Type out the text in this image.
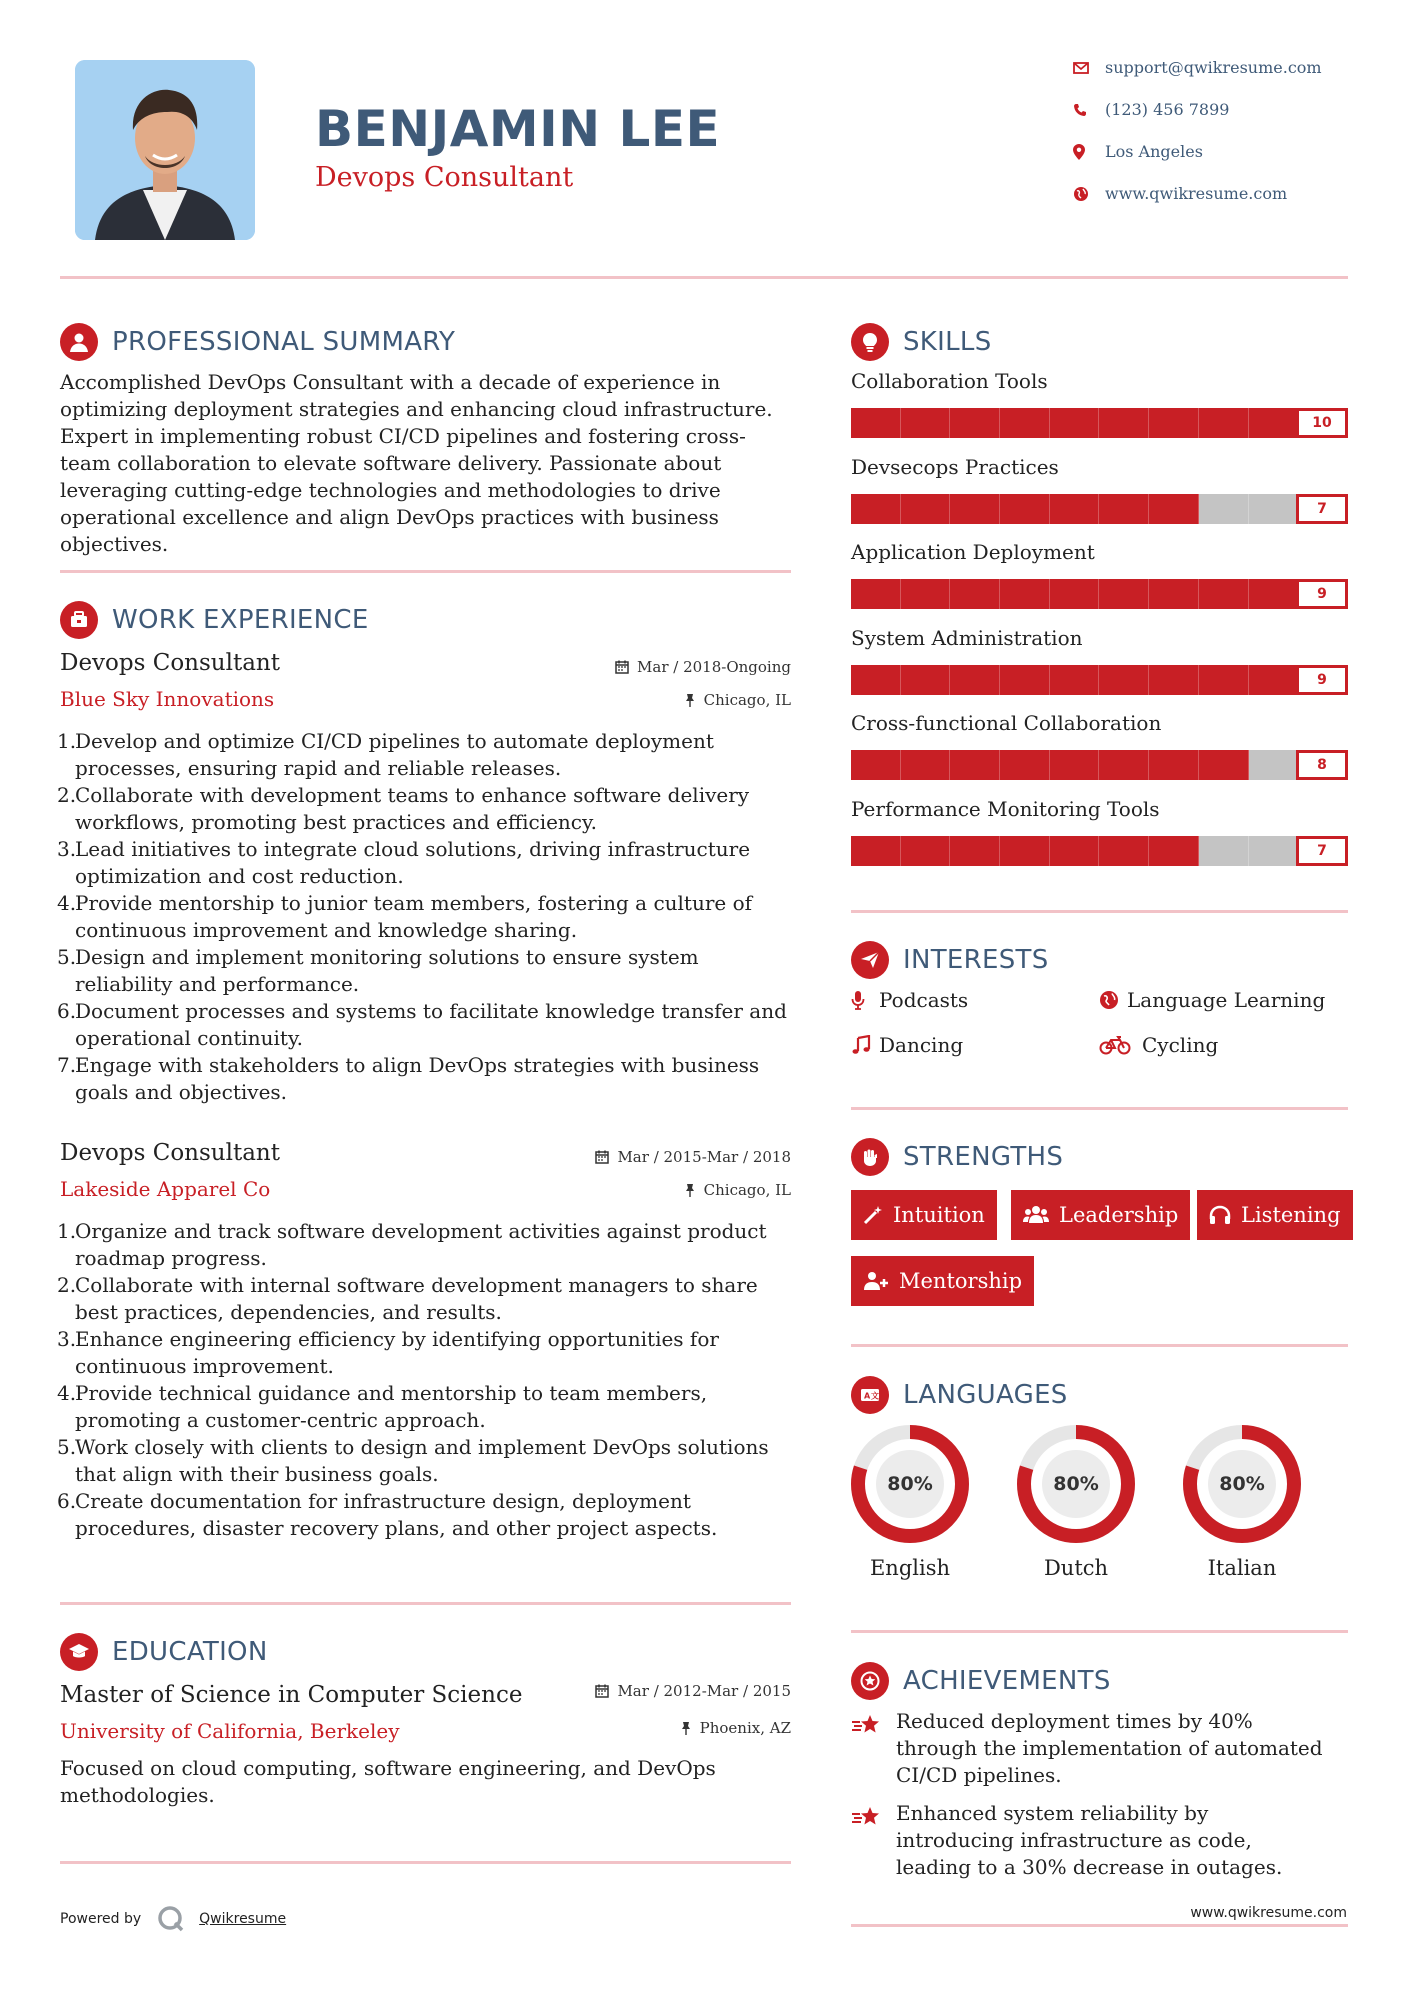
BENJAMIN LEE
Devops Consultant
support@qwikresume.com
(123) 456 7899
Los Angeles
www.qwikresume.com
PROFESSIONAL SUMMARY
Accomplished DevOps Consultant with a decade of experience in optimizing deployment strategies and enhancing cloud infrastructure. Expert in implementing robust CI/CD pipelines and fostering cross-team collaboration to elevate software delivery. Passionate about leveraging cutting-edge technologies and methodologies to drive operational excellence and align DevOps practices with business objectives.
WORK EXPERIENCE
Devops Consultant	Mar / 2018-Ongoing
Blue Sky Innovations	Chicago, IL
1.
Develop and optimize CI/CD pipelines to automate deployment processes, ensuring rapid and reliable releases.
2.
Collaborate with development teams to enhance software delivery workflows, promoting best practices and efficiency.
3.
Lead initiatives to integrate cloud solutions, driving infrastructure optimization and cost reduction.
4.
Provide mentorship to junior team members, fostering a culture of continuous improvement and knowledge sharing.
5.
Design and implement monitoring solutions to ensure system reliability and performance.
6.
Document processes and systems to facilitate knowledge transfer and operational continuity.
7.
Engage with stakeholders to align DevOps strategies with business goals and objectives.
Devops Consultant	Mar / 2015-Mar / 2018
Lakeside Apparel Co	Chicago, IL
1.
Organize and track software development activities against product roadmap progress.
2.
Collaborate with internal software development managers to share best practices, dependencies, and results.
3.
Enhance engineering efficiency by identifying opportunities for continuous improvement.
4.
Provide technical guidance and mentorship to team members, promoting a customer-centric approach.
5.
Work closely with clients to design and implement DevOps solutions that align with their business goals.
6.
Create documentation for infrastructure design, deployment procedures, disaster recovery plans, and other project aspects.
EDUCATION
Master of Science in Computer Science	Mar / 2012-Mar / 2015
University of California, Berkeley	Phoenix, AZ
Focused on cloud computing, software engineering, and DevOps methodologies.
SKILLS
Collaboration Tools
10
Devsecops Practices
7
Application Deployment
9
System Administration
9
Cross-functional Collaboration
8
Performance Monitoring Tools
7
INTERESTS
Podcasts	Language Learning
Dancing	Cycling
STRENGTHS
Intuition	Leadership	Listening
Mentorship
A 文 LANGUAGES
80%
English
80%
Dutch
80%
Italian
ACHIEVEMENTS
Reduced deployment times by 40% through the implementation of automated CI/CD pipelines.
Enhanced system reliability by introducing infrastructure as code, leading to a 30% decrease in outages.
Powered by	Qwikresume	www.qwikresume.com
